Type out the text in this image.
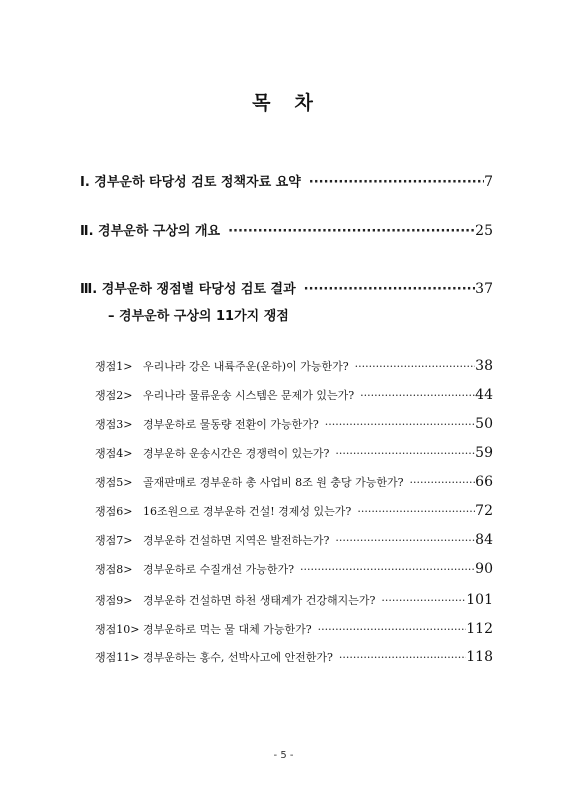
목 차
Ⅰ. 경부운하 타당성 검토 정책자료 요약 ·····	7
Ⅱ. 경부운하 구상의 개요 ·····	25
Ⅲ. 경부운하 쟁점별 타당성 검토 결과 ·····	37
– 경부운하 구상의 11가지 쟁점
쟁점1> 우리나라 강은 내륙주운(운하)이 가능한가? ·····	38
쟁점2> 우리나라 물류운송 시스템은 문제가 있는가? ·····	44
쟁점3> 경부운하로 물동량 전환이 가능한가? ·····	50
쟁점4> 경부운하 운송시간은 경쟁력이 있는가? ·····	59
쟁점5> 골재판매로 경부운하 총 사업비 8조 원 충당 가능한가? ·····	66
쟁점6> 16조원으로 경부운하 건설! 경제성 있는가? ·····	72
쟁점7> 경부운하 건설하면 지역은 발전하는가? ·····	84
쟁점8> 경부운하로 수질개선 가능한가? ·····	90
쟁점9> 경부운하 건설하면 하천 생태계가 건강해지는가? ·····	101
쟁점10> 경부운하로 먹는 물 대체 가능한가? ·····	112
쟁점11> 경부운하는 홍수, 선박사고에 안전한가? ·····	118
- 5 -
